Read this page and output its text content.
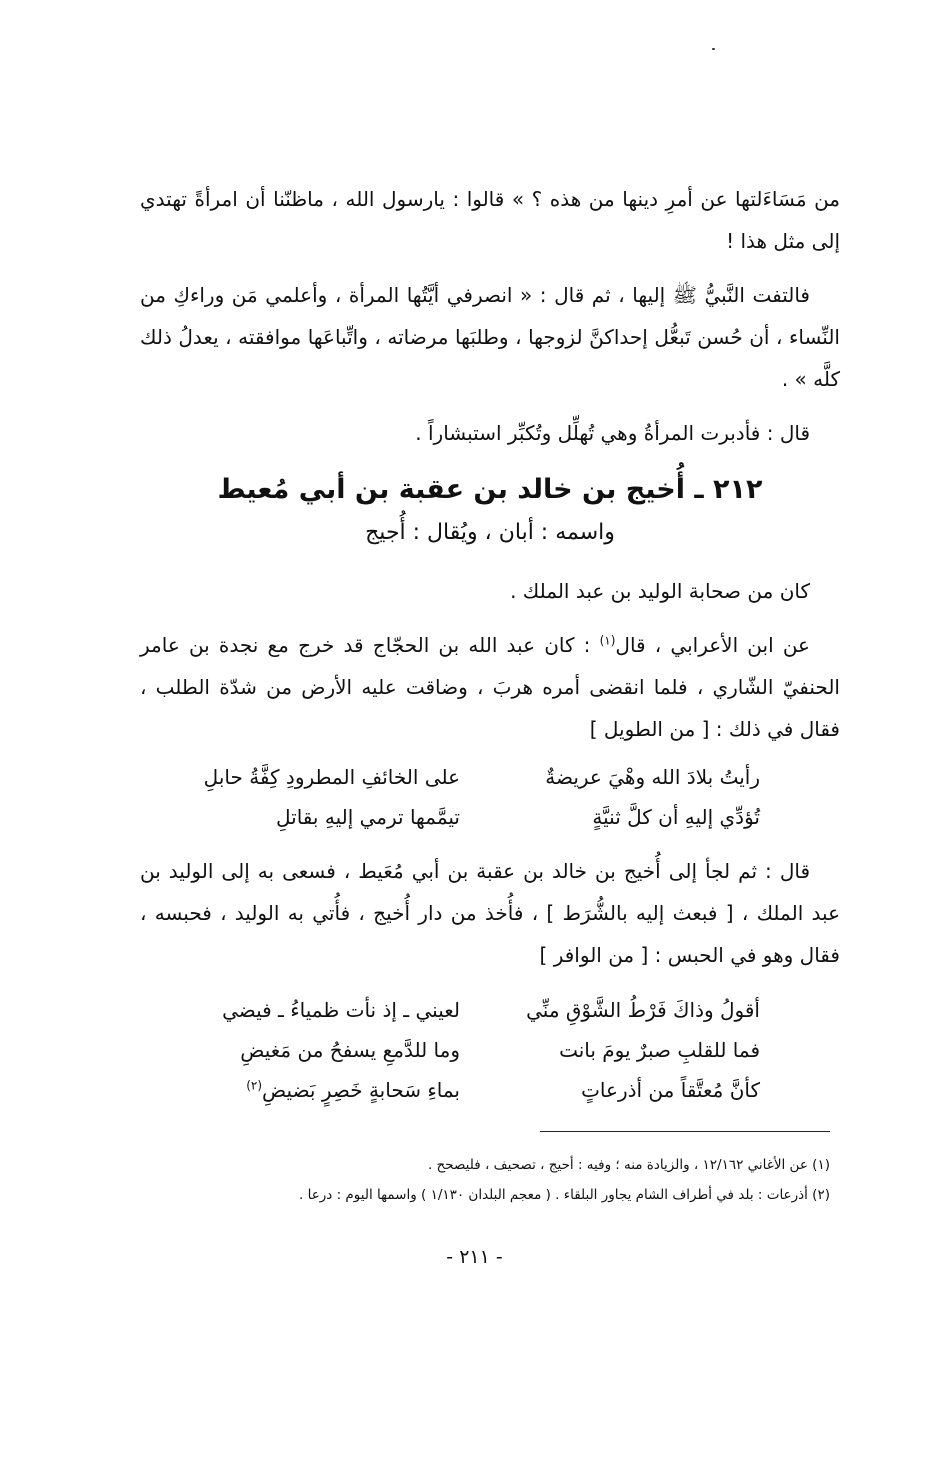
من مَسَاءَلتها عن أمرِ دينها من هذه ؟ » قالوا : يارسول الله ، ماظنّنا أن امرأةً تهتدي إلى مثل هذا !

فالتفت النَّبيُّ ﷺ إليها ، ثم قال : « انصرفي أيَّتُها المرأة ، وأعلمي مَن وراءكِ من النِّساء ، أن حُسن تَبعُّل إحداكنَّ لزوجها ، وطلبَها مرضاته ، واتِّباعَها موافقته ، يعدلُ ذلك كلَّه » .

قال : فأدبرت المرأةُ وهي تُهلِّل وتُكبِّر استبشاراً .

٢١٢ ـ أُخيج بن خالد بن عقبة بن أبي مُعيط
واسمه : أبان ، ويُقال : أُجيج

كان من صحابة الوليد بن عبد الملك .

عن ابن الأعرابي ، قال$^{(١)}$ : كان عبد الله بن الحجّاج قد خرج مع نجدة بن عامر الحنفيّ الشّاري ، فلما انقضى أمره هربَ ، وضاقت عليه الأرض من شدّة الطلب ، فقال في ذلك : [ من الطويل ]

رأيتُ بلادَ الله وهْيَ عريضةٌ
على الخائفِ المطرودِ كِفَّةُ حابلِ
تُؤدِّي إليهِ أن كلَّ ثنيَّةٍ
تيمَّمها ترمي إليهِ بقاتلِ

قال : ثم لجأ إلى أُخيج بن خالد بن عقبة بن أبي مُعَيط ، فسعى به إلى الوليد بن عبد الملك ، [ فبعث إليه بالشُّرَط ] ، فأُخذ من دار أُخيج ، فأُتي به الوليد ، فحبسه ، فقال وهو في الحبس : [ من الوافر ]

أقولُ وذاكَ فَرْطُ الشَّوْقِ منِّي
لعيني ـ إذ نأت ظمياءُ ـ فيضي
فما للقلبِ صبرٌ يومَ بانت
وما للدَّمعِ يسفحُ من مَغيضِ
كأنَّ مُعتَّقاً من أذرعاتٍ
بماءِ سَحابةٍ خَصِرٍ بَضيضِ$^{(٢)}$

(١) عن الأغاني ١٢/١٦٢ ، والزيادة منه ؛ وفيه : أحيج ، تصحيف ، فليصحح .

(٢) أذرعات : بلد في أطراف الشام يجاور البلقاء . ( معجم البلدان ١/١٣٠ ) واسمها اليوم : درعا .

- ٢١١ -
